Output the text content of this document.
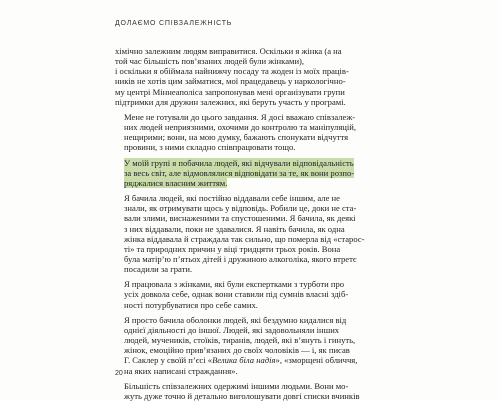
ДОЛАЄМО СПІВЗАЛЕЖНІСТЬ

хімічно залежним людям виправитися. Оскільки я жінка (а на
той час більшість пов’язаних людей були жінками),
і оскільки я обіймала найнижчу посаду та жоден із моїх праців-
ників не хотів цим займатися, мої працедавець у наркологічно-
му центрі Міннеаполіса запропонував мені організувати групи
підтримки для дружин залежних, які беруть участь у програмі.

Мене не готували до цього завдання. Я досі вважаю співзалеж-
них людей неприязними, охочими до контролю та маніпуляцій,
нещирими; вони, на мою думку, бажають спонукати відчуття
провини, з ними складно співпрацювати тощо.

У моїй групі я побачила людей, які відчували відповідальність
за весь світ, але відмовлялися відповідати за те, як вони розпо-
ряджалися власним життям.

Я бачила людей, які постійно віддавали себе іншим, але не
знали, як отримувати щось у відповідь. Робили це, доки не ста-
вали злими, виснаженими та спустошеними. Я бачила, як деякі
з них віддавали, поки не здавалися. Я навіть бачила, як одна
жінка віддавала й страждала так сильно, що померла від «старос-
ті» та природних причин у віці тридцяти трьох років. Вона
була матір’ю п’ятьох дітей і дружиною алкоголіка, якого втретє
посадили за грати.

Я працювала з жінками, які були експертками з турботи про
усіх довкола себе, однак вони ставили під сумнів власні здіб-
ності потурбуватися про себе самих.

Я просто бачила оболонки людей, які бездумно кидалися від
однієї діяльності до іншої. Людей, які задовольняли інших
людей, мучеників, стоїків, тиранів, людей, які в’януть і гинуть,
жінок, емоційно прив’язаних до своїх чоловіків — і, як писав
Г. Саклер у своїй п’єсі «Велика біла надія», «зморщені обличчя,
на яких написані страждання».

Більшість співзалежних одержимі іншими людьми. Вони мо-
жуть дуже точно й детально виголошувати довгі списки вчинків

20
